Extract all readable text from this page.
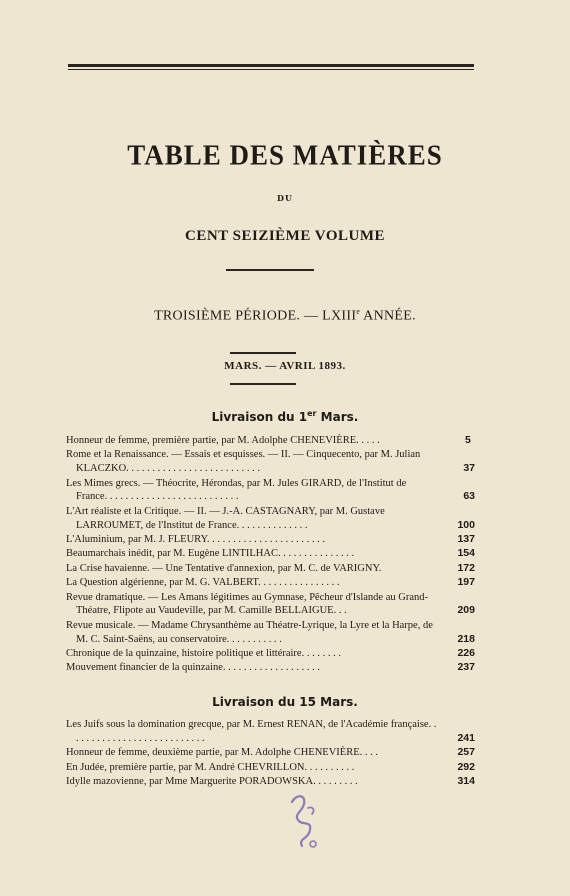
TABLE DES MATIÈRES
DU
CENT SEIZIÈME VOLUME
TROISIÈME PÉRIODE. — LXIIIe ANNÉE.
MARS. — AVRIL 1893.
Livraison du 1er Mars.
Honneur de femme, première partie, par M. Adolphe CHENEVIÈRE. . . . .	5
Rome et la Renaissance. — Essais et esquisses. — II. — Cinquecento, par M. Julian KLACZKO. . . . . . . . . . . . . . . . . . . . . . . . . .	37
Les Mimes grecs. — Théocrite, Hérondas, par M. Jules GIRARD, de l'Institut de France. . . . . . . . . . . . . . . . . . . . . . . . . .	63
L'Art réaliste et la Critique. — II. — J.-A. CASTAGNARY, par M. Gustave LARROUMET, de l'Institut de France. . . . . . . . . . . . . .	100
L'Aluminium, par M. J. FLEURY. . . . . . . . . . . . . . . . . . . . . . .	137
Beaumarchais inédit, par M. Eugène LINTILHAC. . . . . . . . . . . . . . .	154
La Crise havaienne. — Une Tentative d'annexion, par M. C. de VARIGNY.	172
La Question algérienne, par M. G. VALBERT. . . . . . . . . . . . . . . .	197
Revue dramatique. — Les Amans légitimes au Gymnase, Pêcheur d'Islande au Grand-Théatre, Flipote au Vaudeville, par M. Camille BELLAIGUE. . .	209
Revue musicale. — Madame Chrysanthème au Théatre-Lyrique, la Lyre et la Harpe, de M. C. Saint-Saëns, au conservatoire. . . . . . . . . . .	218
Chronique de la quinzaine, histoire politique et littéraire. . . . . . . .	226
Mouvement financier de la quinzaine. . . . . . . . . . . . . . . . . . .	237
Livraison du 15 Mars.
Les Juifs sous la domination grecque, par M. Ernest RENAN, de l'Académie française. . . . . . . . . . . . . . . . . . . . . . . . . . .	241
Honneur de femme, deuxième partie, par M. Adolphe CHENEVIÈRE. . . .	257
En Judée, première partie, par M. André CHEVRILLON. . . . . . . . . .	292
Idylle mazovienne, par Mme Marguerite PORADOWSKA. . . . . . . . .	314
